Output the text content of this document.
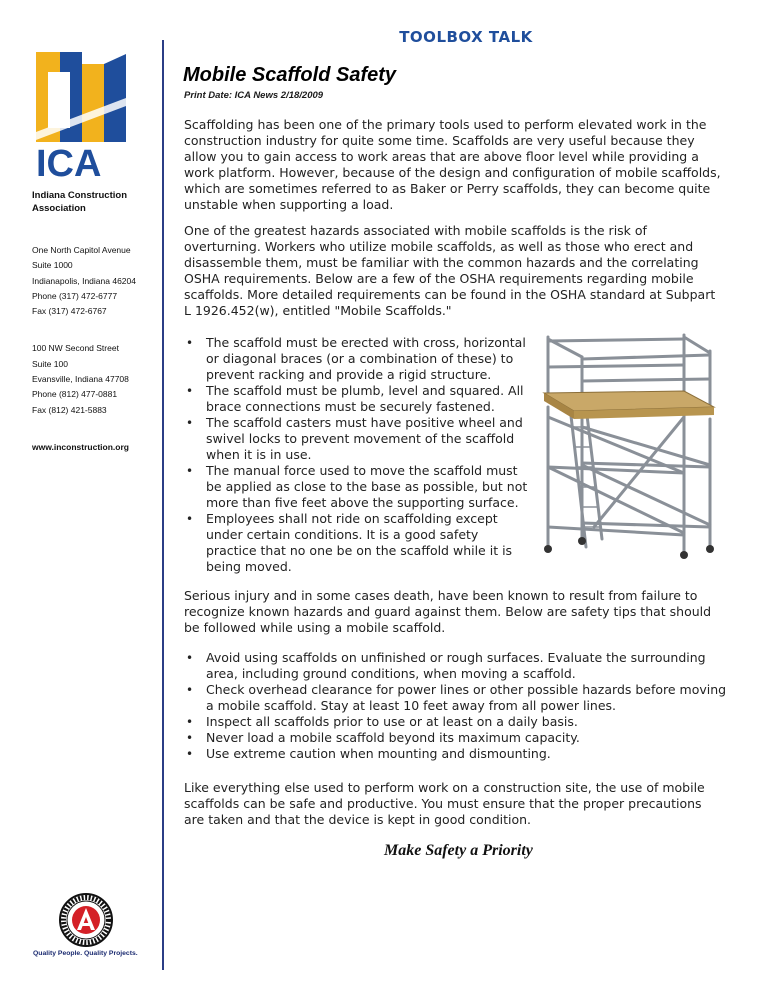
TOOLBOX TALK
ICA
Indiana Construction Association
One North Capitol Avenue
Suite 1000
Indianapolis, Indiana 46204
Phone (317) 472-6777
Fax (317) 472-6767
100 NW Second Street
Suite 100
Evansville, Indiana 47708
Phone (812) 477-0881
Fax (812) 421-5883
www.inconstruction.org
Quality People. Quality Projects.
Mobile Scaffold Safety
Print Date: ICA News 2/18/2009

Scaffolding has been one of the primary tools used to perform elevated work in the construction industry for quite some time. Scaffolds are very useful because they allow you to gain access to work areas that are above floor level while providing a work platform. However, because of the design and configuration of mobile scaffolds, which are sometimes referred to as Baker or Perry scaffolds, they can become quite unstable when supporting a load.

One of the greatest hazards associated with mobile scaffolds is the risk of overturning. Workers who utilize mobile scaffolds, as well as those who erect and disassemble them, must be familiar with the common hazards and the correlating OSHA requirements. Below are a few of the OSHA requirements regarding mobile scaffolds. More detailed requirements can be found in the OSHA standard at Subpart L 1926.452(w), entitled "Mobile Scaffolds."

• The scaffold must be erected with cross, horizontal or diagonal braces (or a combination of these) to prevent racking and provide a rigid structure.
• The scaffold must be plumb, level and squared. All brace connections must be securely fastened.
• The scaffold casters must have positive wheel and swivel locks to prevent movement of the scaffold when it is in use.
• The manual force used to move the scaffold must be applied as close to the base as possible, but not more than five feet above the supporting surface.
• Employees shall not ride on scaffolding except under certain conditions. It is a good safety practice that no one be on the scaffold while it is being moved.

Serious injury and in some cases death, have been known to result from failure to recognize known hazards and guard against them. Below are safety tips that should be followed while using a mobile scaffold.

• Avoid using scaffolds on unfinished or rough surfaces. Evaluate the surrounding area, including ground conditions, when moving a scaffold.
• Check overhead clearance for power lines or other possible hazards before moving a mobile scaffold. Stay at least 10 feet away from all power lines.
• Inspect all scaffolds prior to use or at least on a daily basis.
• Never load a mobile scaffold beyond its maximum capacity.
• Use extreme caution when mounting and dismounting.

Like everything else used to perform work on a construction site, the use of mobile scaffolds can be safe and productive. You must ensure that the proper precautions are taken and that the device is kept in good condition.

Make Safety a Priority
